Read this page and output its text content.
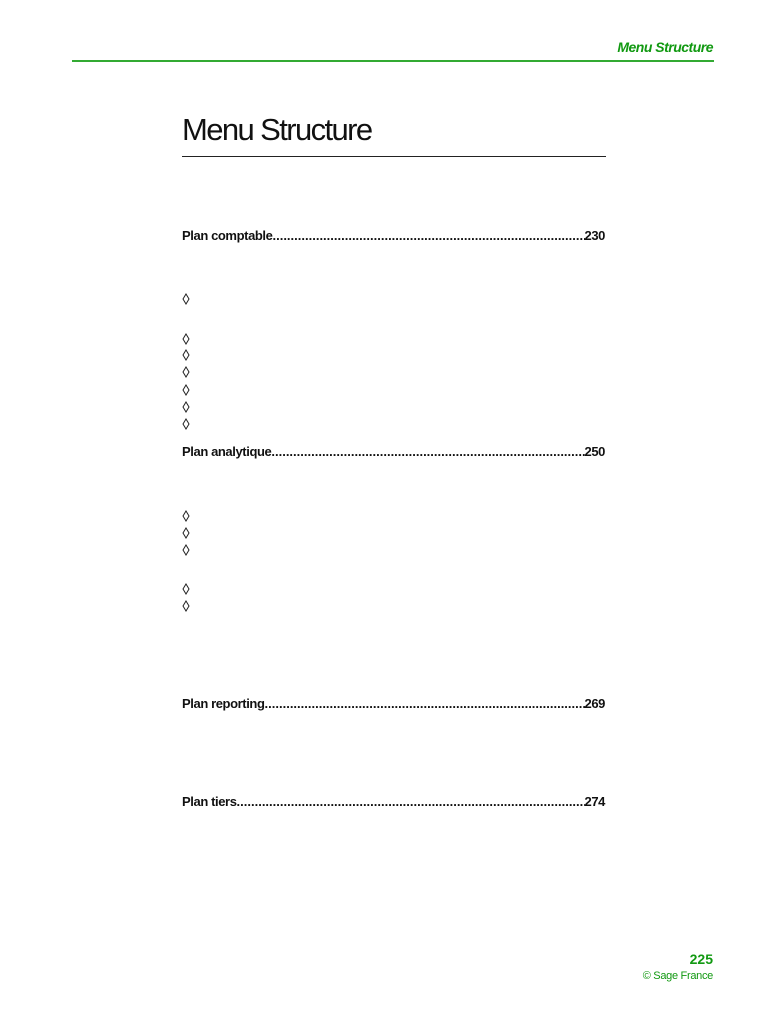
Menu Structure
Menu Structure
Plan comptable .....	230
Plan analytique .....	250
Plan reporting .....	269
Plan tiers .....	274
225
© Sage France
